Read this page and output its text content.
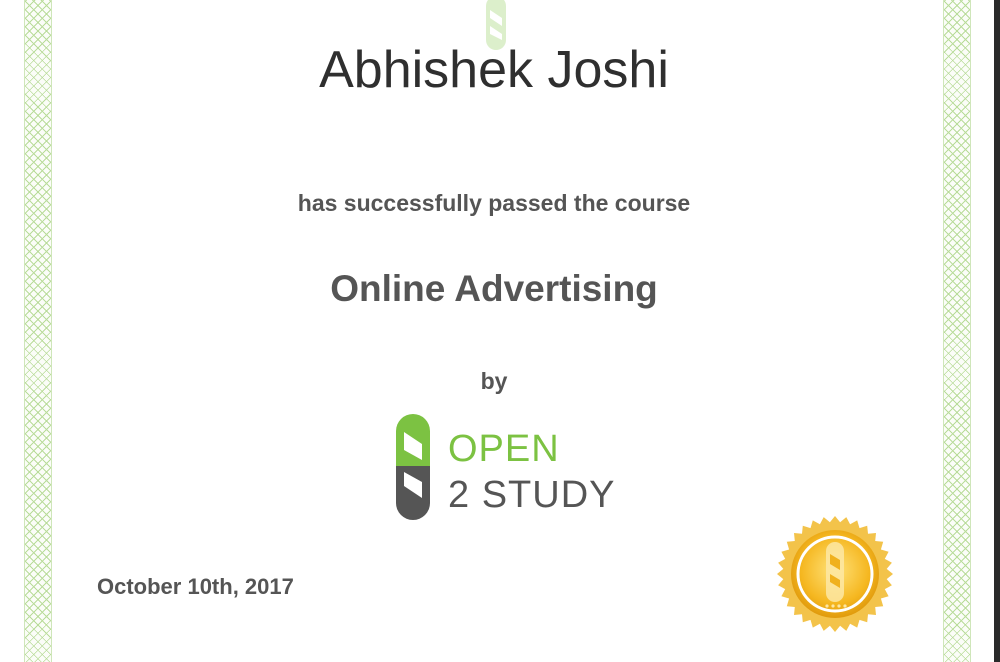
Abhishek Joshi
has successfully passed the course
Online Advertising
by
OPEN
2 STUDY
October 10th, 2017
